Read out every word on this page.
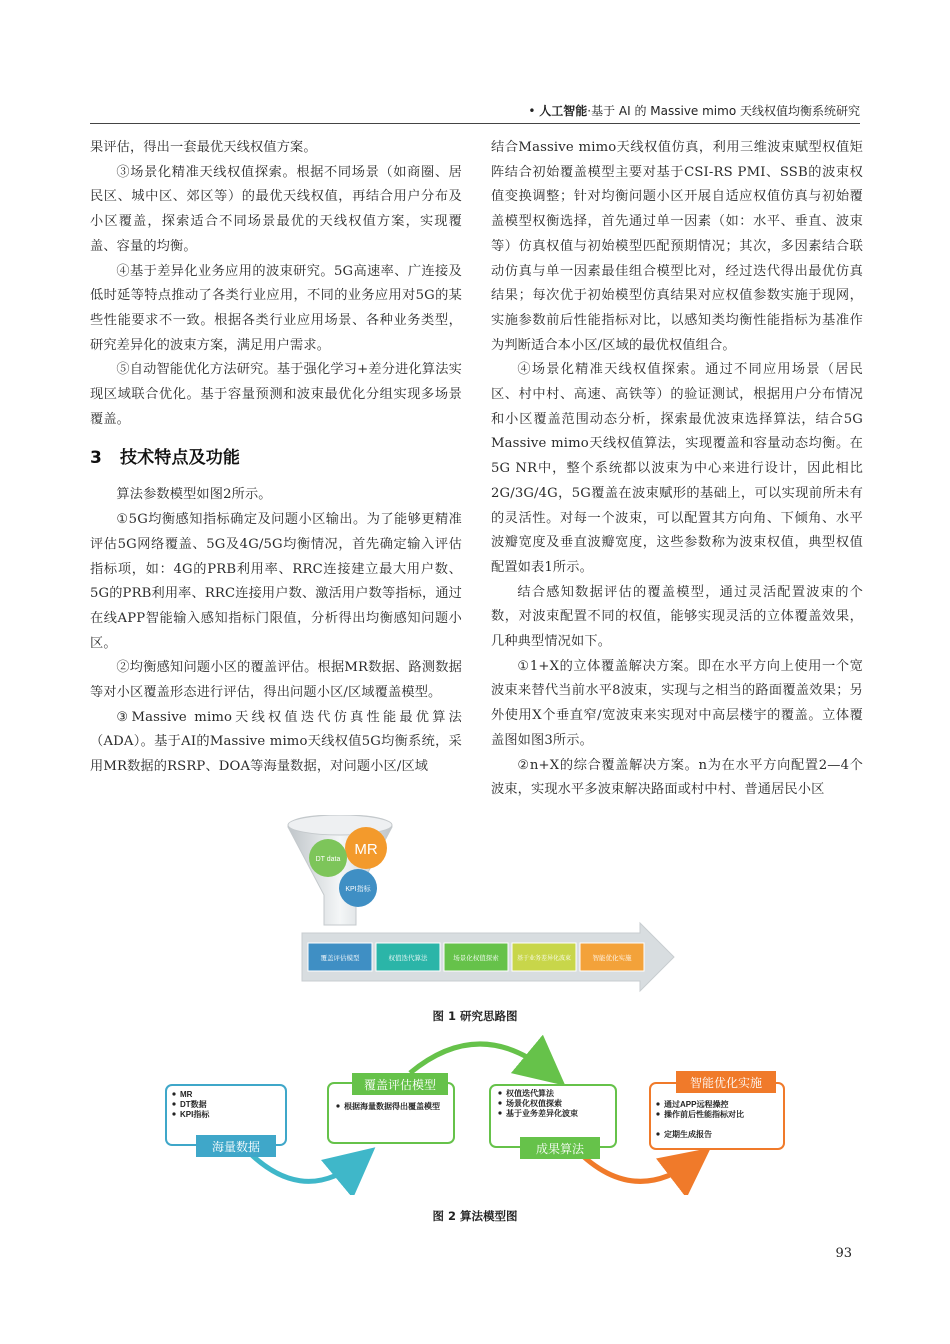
• 人工智能·基于 AI 的 Massive mimo 天线权值均衡系统研究

果评估，得出一套最优天线权值方案。

③场景化精准天线权值探索。根据不同场景（如商圈、居民区、城中区、郊区等）的最优天线权值，再结合用户分布及小区覆盖，探索适合不同场景最优的天线权值方案，实现覆盖、容量的均衡。

④基于差异化业务应用的波束研究。5G高速率、广连接及低时延等特点推动了各类行业应用，不同的业务应用对5G的某些性能要求不一致。根据各类行业应用场景、各种业务类型，研究差异化的波束方案，满足用户需求。

⑤自动智能优化方法研究。基于强化学习+差分进化算法实现区域联合优化。基于容量预测和波束最优化分组实现多场景覆盖。

3 技术特点及功能

算法参数模型如图2所示。

①5G均衡感知指标确定及问题小区输出。为了能够更精准评估5G网络覆盖、5G及4G/5G均衡情况，首先确定输入评估指标项，如：4G的PRB利用率、RRC连接建立最大用户数、5G的PRB利用率、RRC连接用户数、激活用户数等指标，通过在线APP智能输入感知指标门限值，分析得出均衡感知问题小区。

②均衡感知问题小区的覆盖评估。根据MR数据、路测数据等对小区覆盖形态进行评估，得出问题小区/区域覆盖模型。

③Massive mimo天线权值迭代仿真性能最优算法（ADA）。基于AI的Massive mimo天线权值5G均衡系统，采用MR数据的RSRP、DOA等海量数据，对问题小区/区域

结合Massive mimo天线权值仿真，利用三维波束赋型权值矩阵结合初始覆盖模型主要对基于CSI-RS PMI、SSB的波束权值变换调整；针对均衡问题小区开展自适应权值仿真与初始覆盖模型权衡选择，首先通过单一因素（如：水平、垂直、波束等）仿真权值与初始模型匹配预期情况；其次，多因素结合联动仿真与单一因素最佳组合模型比对，经过迭代得出最优仿真结果；每次优于初始模型仿真结果对应权值参数实施于现网，实施参数前后性能指标对比，以感知类均衡性能指标为基准作为判断适合本小区/区域的最优权值组合。

④场景化精准天线权值探索。通过不同应用场景（居民区、村中村、高速、高铁等）的验证测试，根据用户分布情况和小区覆盖范围动态分析，探索最优波束选择算法，结合5G Massive mimo天线权值算法，实现覆盖和容量动态均衡。在5G NR中，整个系统都以波束为中心来进行设计，因此相比2G/3G/4G，5G覆盖在波束赋形的基础上，可以实现前所未有的灵活性。对每一个波束，可以配置其方向角、下倾角、水平波瓣宽度及垂直波瓣宽度，这些参数称为波束权值，典型权值配置如表1所示。

结合感知数据评估的覆盖模型，通过灵活配置波束的个数，对波束配置不同的权值，能够实现灵活的立体覆盖效果，几种典型情况如下。

①1+X的立体覆盖解决方案。即在水平方向上使用一个宽波束来替代当前水平8波束，实现与之相当的路面覆盖效果；另外使用X个垂直窄/宽波束来实现对中高层楼宇的覆盖。立体覆盖图如图3所示。

②n+X的综合覆盖解决方案。n为在水平方向配置2—4个波束，实现水平多波束解决路面或村中村、普通居民小区

MR
DT data
KPI指标
覆盖评估模型	权值迭代算法	场景化权值探索	基于业务差异化波束	智能优化实施
图 1 研究思路图
MR
DT数据
KPI指标
海量数据
覆盖评估模型
根据海量数据得出覆盖模型
权值迭代算法
场景化权值探索
基于业务差异化波束
成果算法
智能优化实施
通过APP远程操控
操作前后性能指标对比
定期生成报告
图 2 算法模型图
93
